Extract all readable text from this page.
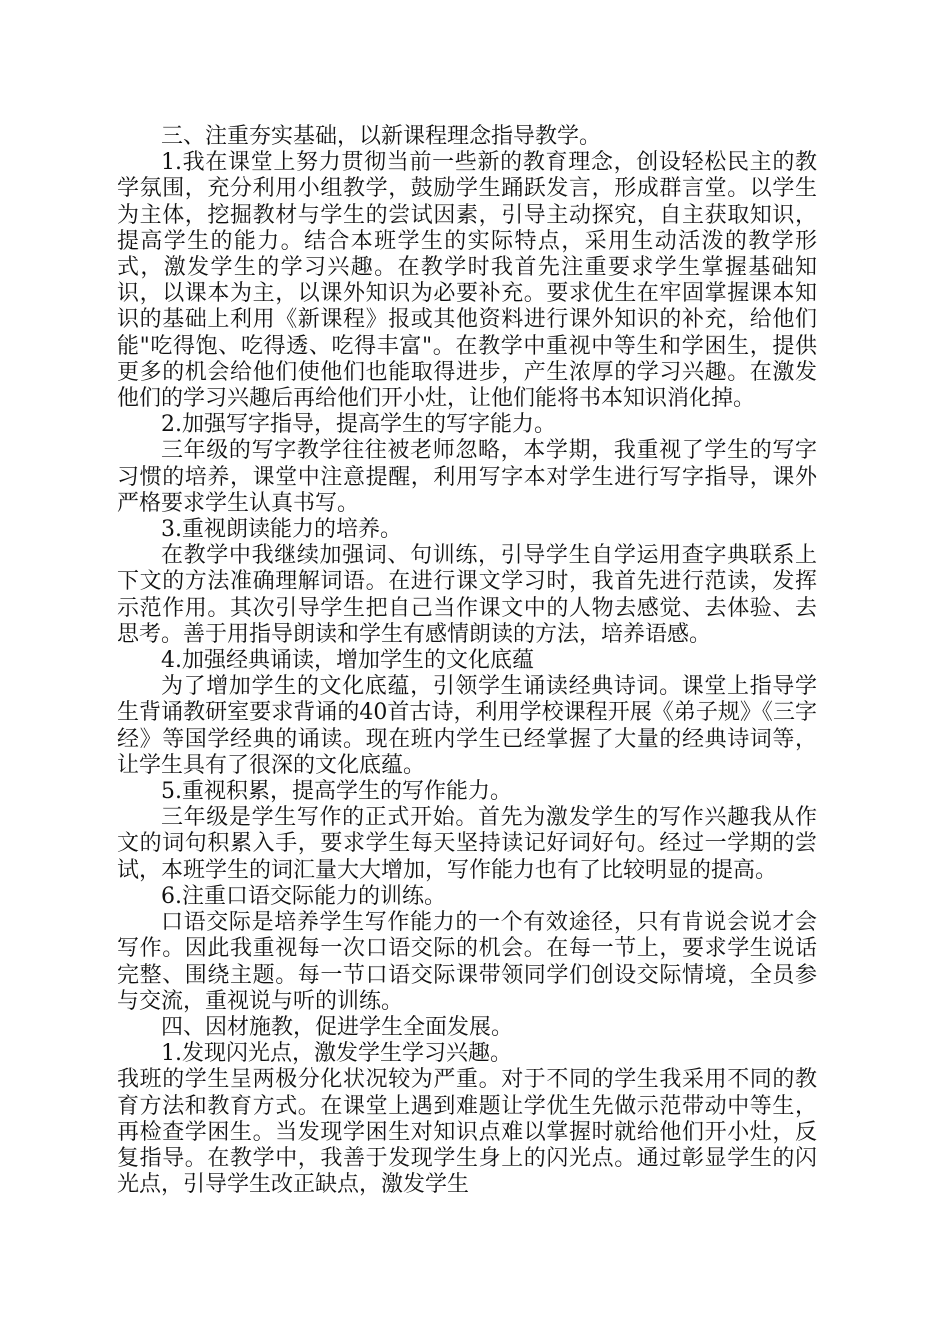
三、注重夯实基础，以新课程理念指导教学。

1.我在课堂上努力贯彻当前一些新的教育理念，创设轻松民主的教学氛围，充分利用小组教学，鼓励学生踊跃发言，形成群言堂。以学生为主体，挖掘教材与学生的尝试因素，引导主动探究，自主获取知识，提高学生的能力。结合本班学生的实际特点，采用生动活泼的教学形式，激发学生的学习兴趣。在教学时我首先注重要求学生掌握基础知识，以课本为主，以课外知识为必要补充。要求优生在牢固掌握课本知识的基础上利用《新课程》报或其他资料进行课外知识的补充，给他们能"吃得饱、吃得透、吃得丰富"。在教学中重视中等生和学困生，提供更多的机会给他们使他们也能取得进步，产生浓厚的学习兴趣。在激发他们的学习兴趣后再给他们开小灶，让他们能将书本知识消化掉。

2.加强写字指导，提高学生的写字能力。

三年级的写字教学往往被老师忽略，本学期，我重视了学生的写字习惯的培养，课堂中注意提醒，利用写字本对学生进行写字指导，课外严格要求学生认真书写。

3.重视朗读能力的培养。

在教学中我继续加强词、句训练，引导学生自学运用查字典联系上下文的方法准确理解词语。在进行课文学习时，我首先进行范读，发挥示范作用。其次引导学生把自己当作课文中的人物去感觉、去体验、去思考。善于用指导朗读和学生有感情朗读的方法，培养语感。

4.加强经典诵读，增加学生的文化底蕴

为了增加学生的文化底蕴，引领学生诵读经典诗词。课堂上指导学生背诵教研室要求背诵的40首古诗，利用学校课程开展《弟子规》《三字经》等国学经典的诵读。现在班内学生已经掌握了大量的经典诗词等，让学生具有了很深的文化底蕴。

5.重视积累，提高学生的写作能力。

三年级是学生写作的正式开始。首先为激发学生的写作兴趣我从作文的词句积累入手，要求学生每天坚持读记好词好句。经过一学期的尝试，本班学生的词汇量大大增加，写作能力也有了比较明显的提高。

6.注重口语交际能力的训练。

口语交际是培养学生写作能力的一个有效途径，只有肯说会说才会写作。因此我重视每一次口语交际的机会。在每一节上，要求学生说话完整、围绕主题。每一节口语交际课带领同学们创设交际情境，全员参与交流，重视说与听的训练。

四、因材施教，促进学生全面发展。

1.发现闪光点，激发学生学习兴趣。

我班的学生呈两极分化状况较为严重。对于不同的学生我采用不同的教育方法和教育方式。在课堂上遇到难题让学优生先做示范带动中等生，再检查学困生。当发现学困生对知识点难以掌握时就给他们开小灶，反复指导。在教学中，我善于发现学生身上的闪光点。通过彰显学生的闪光点，引导学生改正缺点，激发学生
